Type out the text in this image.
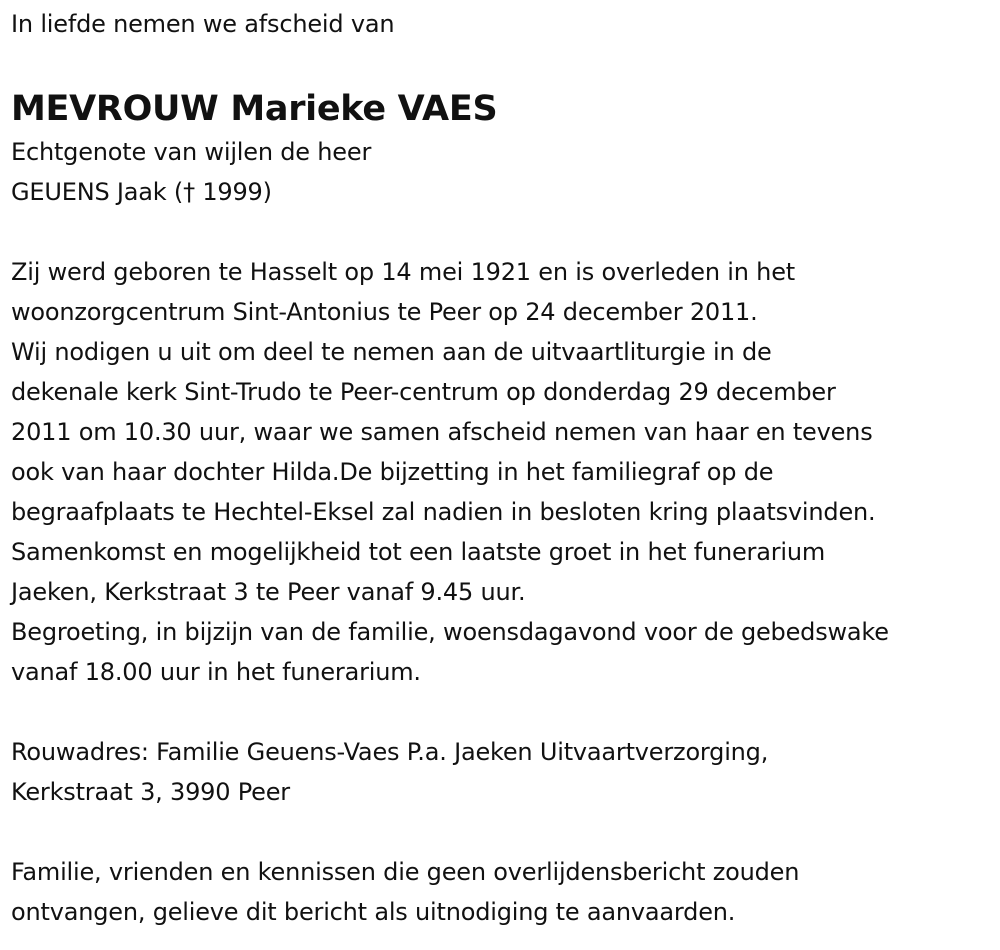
In liefde nemen we afscheid van

MEVROUW Marieke VAES

Echtgenote van wijlen de heer

GEUENS Jaak († 1999)

Zij werd geboren te Hasselt op 14 mei 1921 en is overleden in het

woonzorgcentrum Sint-Antonius te Peer op 24 december 2011.

Wij nodigen u uit om deel te nemen aan de uitvaartliturgie in de

dekenale kerk Sint-Trudo te Peer-centrum op donderdag 29 december

2011 om 10.30 uur, waar we samen afscheid nemen van haar en tevens

ook van haar dochter Hilda.De bijzetting in het familiegraf op de

begraafplaats te Hechtel-Eksel zal nadien in besloten kring plaatsvinden.

Samenkomst en mogelijkheid tot een laatste groet in het funerarium

Jaeken, Kerkstraat 3 te Peer vanaf 9.45 uur.

Begroeting, in bijzijn van de familie, woensdagavond voor de gebedswake

vanaf 18.00 uur in het funerarium.

Rouwadres: Familie Geuens-Vaes P.a. Jaeken Uitvaartverzorging,

Kerkstraat 3, 3990 Peer

Familie, vrienden en kennissen die geen overlijdensbericht zouden

ontvangen, gelieve dit bericht als uitnodiging te aanvaarden.
